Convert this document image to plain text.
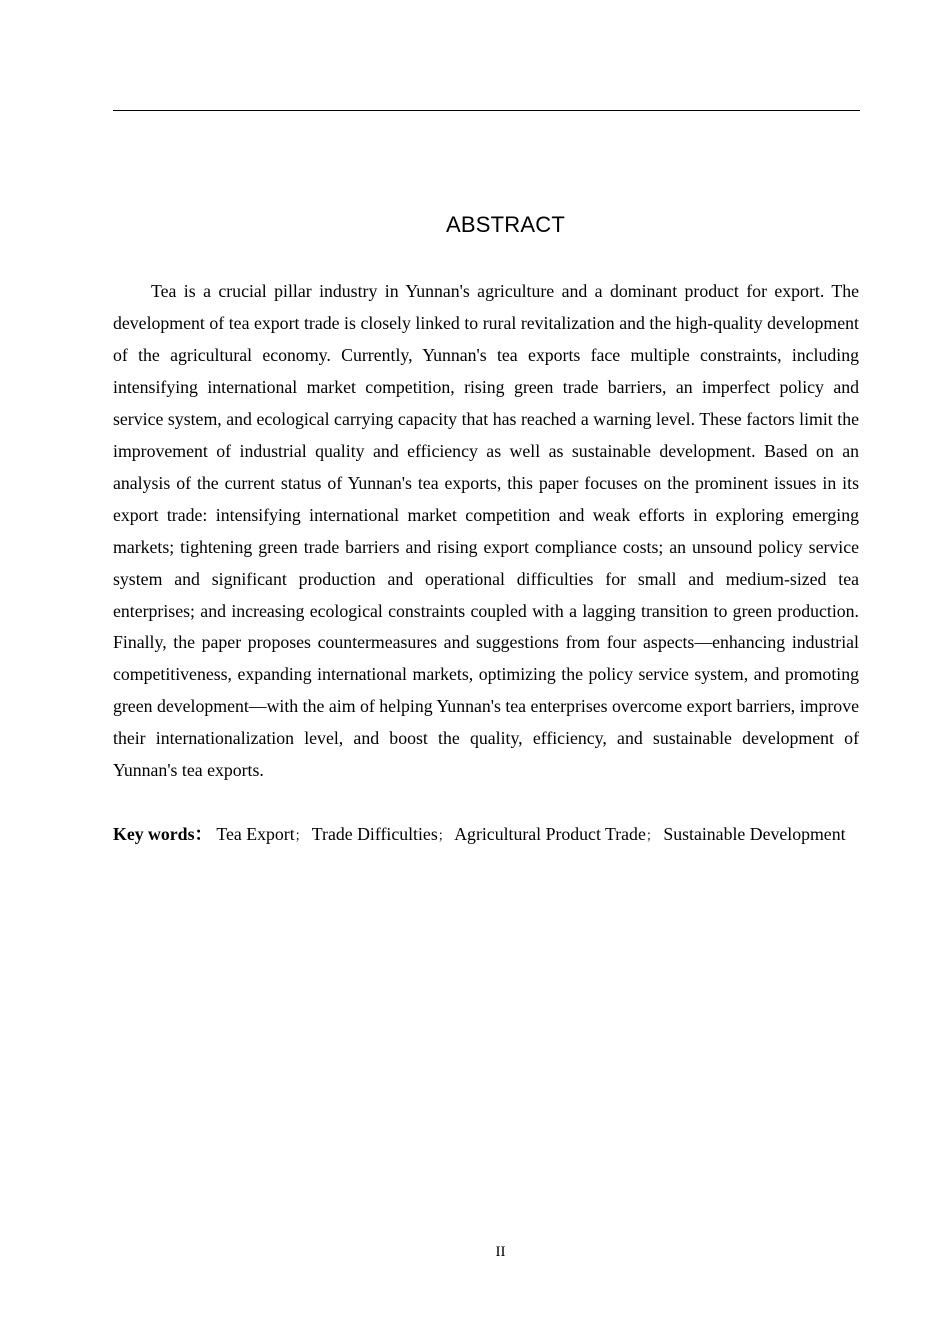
ABSTRACT

Tea is a crucial pillar industry in Yunnan's agriculture and a dominant product for export. The development of tea export trade is closely linked to rural revitalization and the high-quality development of the agricultural economy. Currently, Yunnan's tea exports face multiple constraints, including intensifying international market competition, rising green trade barriers, an imperfect policy and service system, and ecological carrying capacity that has reached a warning level. These factors limit the improvement of industrial quality and efficiency as well as sustainable development. Based on an analysis of the current status of Yunnan's tea exports, this paper focuses on the prominent issues in its export trade: intensifying international market competition and weak efforts in exploring emerging markets; tightening green trade barriers and rising export compliance costs; an unsound policy service system and significant production and operational difficulties for small and medium-sized tea enterprises; and increasing ecological constraints coupled with a lagging transition to green production. Finally, the paper proposes countermeasures and suggestions from four aspects—enhancing industrial competitiveness, expanding international markets, optimizing the policy service system, and promoting green development—with the aim of helping Yunnan's tea enterprises overcome export barriers, improve their internationalization level, and boost the quality, efficiency, and sustainable development of Yunnan's tea exports.

Key words： Tea Export； Trade Difficulties； Agricultural Product Trade； Sustainable Development

II
